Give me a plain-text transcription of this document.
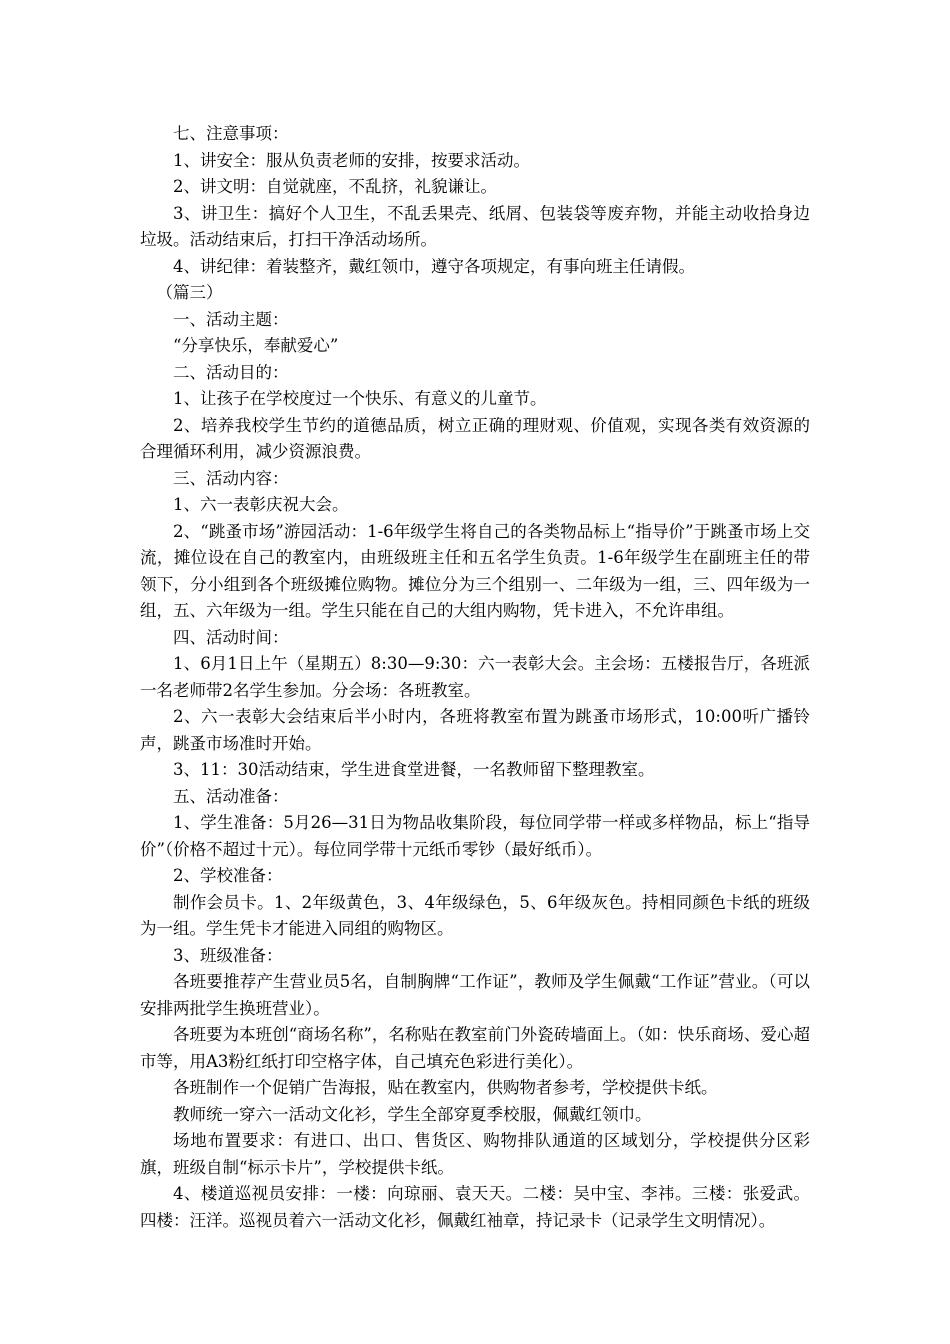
七、注意事项：

1、讲安全：服从负责老师的安排，按要求活动。

2、讲文明：自觉就座，不乱挤，礼貌谦让。

3、讲卫生：搞好个人卫生，不乱丢果壳、纸屑、包装袋等废弃物，并能主动收拾身边垃圾。活动结束后，打扫干净活动场所。

4、讲纪律：着装整齐，戴红领巾，遵守各项规定，有事向班主任请假。

（篇三）

一、活动主题：

“分享快乐，奉献爱心”

二、活动目的：

1、让孩子在学校度过一个快乐、有意义的儿童节。

2、培养我校学生节约的道德品质，树立正确的理财观、价值观，实现各类有效资源的合理循环利用，减少资源浪费。

三、活动内容：

1、六一表彰庆祝大会。

2、“跳蚤市场”游园活动：1-6年级学生将自己的各类物品标上“指导价”于跳蚤市场上交流，摊位设在自己的教室内，由班级班主任和五名学生负责。1-6年级学生在副班主任的带领下，分小组到各个班级摊位购物。摊位分为三个组别一、二年级为一组，三、四年级为一组，五、六年级为一组。学生只能在自己的大组内购物，凭卡进入，不允许串组。

四、活动时间：

1、6月1日上午（星期五）8:30—9:30：六一表彰大会。主会场：五楼报告厅，各班派一名老师带2名学生参加。分会场：各班教室。

2、六一表彰大会结束后半小时内，各班将教室布置为跳蚤市场形式，10:00听广播铃声，跳蚤市场准时开始。

3、11：30活动结束，学生进食堂进餐，一名教师留下整理教室。

五、活动准备：

1、学生准备：5月26—31日为物品收集阶段，每位同学带一样或多样物品，标上“指导价”（价格不超过十元）。每位同学带十元纸币零钞（最好纸币）。

2、学校准备：

制作会员卡。1、2年级黄色，3、4年级绿色，5、6年级灰色。持相同颜色卡纸的班级为一组。学生凭卡才能进入同组的购物区。

3、班级准备：

各班要推荐产生营业员5名，自制胸牌“工作证”，教师及学生佩戴“工作证”营业。（可以安排两批学生换班营业）。

各班要为本班创“商场名称”，名称贴在教室前门外瓷砖墙面上。（如：快乐商场、爱心超市等，用A3粉红纸打印空格字体，自己填充色彩进行美化）。

各班制作一个促销广告海报，贴在教室内，供购物者参考，学校提供卡纸。

教师统一穿六一活动文化衫，学生全部穿夏季校服，佩戴红领巾。

场地布置要求：有进口、出口、售货区、购物排队通道的区域划分，学校提供分区彩旗，班级自制“标示卡片”，学校提供卡纸。

4、楼道巡视员安排：一楼：向琼丽、袁天天。二楼：吴中宝、李祎。三楼：张爱武。四楼：汪洋。巡视员着六一活动文化衫，佩戴红袖章，持记录卡（记录学生文明情况）。
